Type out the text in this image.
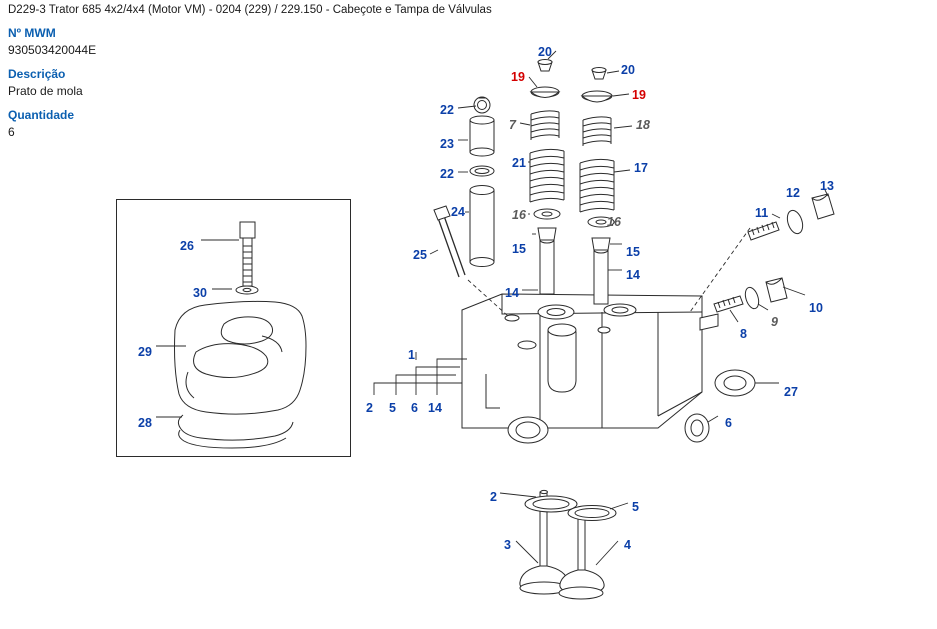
D229-3 Trator 685 4x2/4x4 (Motor VM) - 0204 (229) / 229.150 - Cabeçote e Tampa de Válvulas
Nº MWM
930503420044E
Descrição
Prato de mola
Quantidade
6
20
19	20
19
22
7	18
23
21	17
22
12 13
16	16
24	11
26	15	15
25
14
30	14
10
9
8
1
29
27
28
2 5 6 14
6
2
5
3	4
